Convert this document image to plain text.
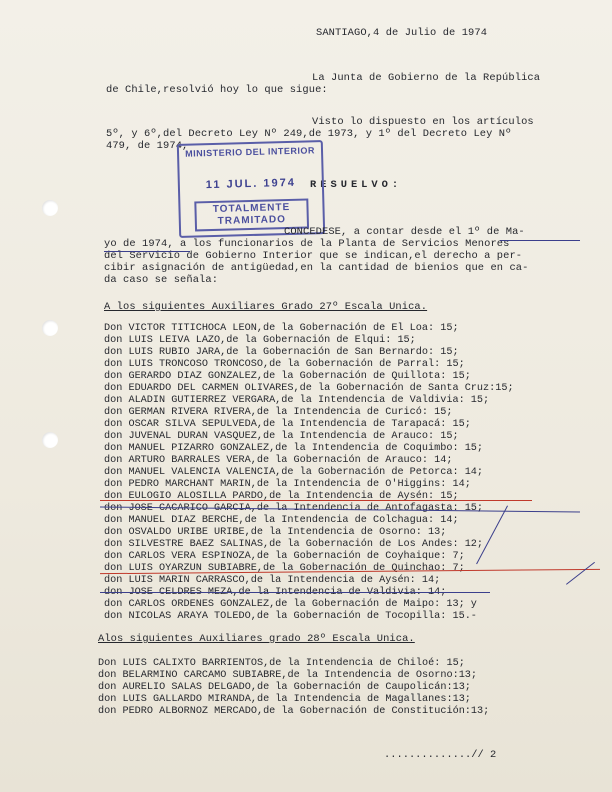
SANTIAGO,4 de Julio de 1974
La Junta de Gobierno de la República
de Chile,resolvió hoy lo que sigue:
Visto lo dispuesto en los artículos
5º, y 6º,del Decreto Ley Nº 249,de 1973, y 1º del Decreto Ley Nº
479, de 1974,
RESUELVO:
MINISTERIO DEL INTERIOR
11 JUL. 1974
TOTALMENTE
TRAMITADO
CONCEDESE, a contar desde el 1º de Ma-
yo de 1974, a los funcionarios de la Planta de Servicios Menores
del Servicio de Gobierno Interior que se indican,el derecho a per-
cibir asignación de antigüedad,en la cantidad de bienios que en ca-
da caso se señala:
A los siguientes Auxiliares Grado 27º Escala Unica.
Don VICTOR TITICHOCA LEON,de la Gobernación de El Loa: 15;
don LUIS LEIVA LAZO,de la Gobernación de Elqui: 15;
don LUIS RUBIO JARA,de la Gobernación de San Bernardo: 15;
don LUIS TRONCOSO TRONCOSO,de la Gobernación de Parral: 15;
don GERARDO DIAZ GONZALEZ,de la Gobernación de Quillota: 15;
don EDUARDO DEL CARMEN OLIVARES,de la Gobernación de Santa Cruz:15;
don ALADIN GUTIERREZ VERGARA,de la Intendencia de Valdivia: 15;
don GERMAN RIVERA RIVERA,de la Intendencia de Curicó: 15;
don OSCAR SILVA SEPULVEDA,de la Intendencia de Tarapacá: 15;
don JUVENAL DURAN VASQUEZ,de la Intendencia de Arauco: 15;
don MANUEL PIZARRO GONZALEZ,de la Intendencia de Coquimbo: 15;
don ARTURO BARRALES VERA,de la Gobernación de Arauco: 14;
don MANUEL VALENCIA VALENCIA,de la Gobernación de Petorca: 14;
don PEDRO MARCHANT MARIN,de la Intendencia de O'Higgins: 14;
don EULOGIO ALOSILLA PARDO,de la Intendencia de Aysén: 15;
don JOSE CACARICO GARCIA,de la Intendencia de Antofagasta: 15;
don MANUEL DIAZ BERCHE,de la Intendencia de Colchagua: 14;
don OSVALDO URIBE URIBE,de la Intendencia de Osorno: 13;
don SILVESTRE BAEZ SALINAS,de la Gobernación de Los Andes: 12;
don CARLOS VERA ESPINOZA,de la Gobernación de Coyhaique: 7;
don LUIS OYARZUN SUBIABRE,de la Gobernación de Quinchao: 7;
don LUIS MARIN CARRASCO,de la Intendencia de Aysén: 14;
don JOSE CELDRES MEZA,de la Intendencia de Valdivia: 14;
don CARLOS ORDENES GONZALEZ,de la Gobernación de Maipo: 13; y
don NICOLAS ARAYA TOLEDO,de la Gobernación de Tocopilla: 15.-
Alos siguientes Auxiliares grado 28º Escala Unica.
Don LUIS CALIXTO BARRIENTOS,de la Intendencia de Chiloé: 15;
don BELARMINO CARCAMO SUBIABRE,de la Intendencia de Osorno:13;
don AURELIO SALAS DELGADO,de la Gobernación de Caupolicán:13;
don LUIS GALLARDO MIRANDA,de la Intendencia de Magallanes:13;
don PEDRO ALBORNOZ MERCADO,de la Gobernación de Constitución:13;
..............// 2
